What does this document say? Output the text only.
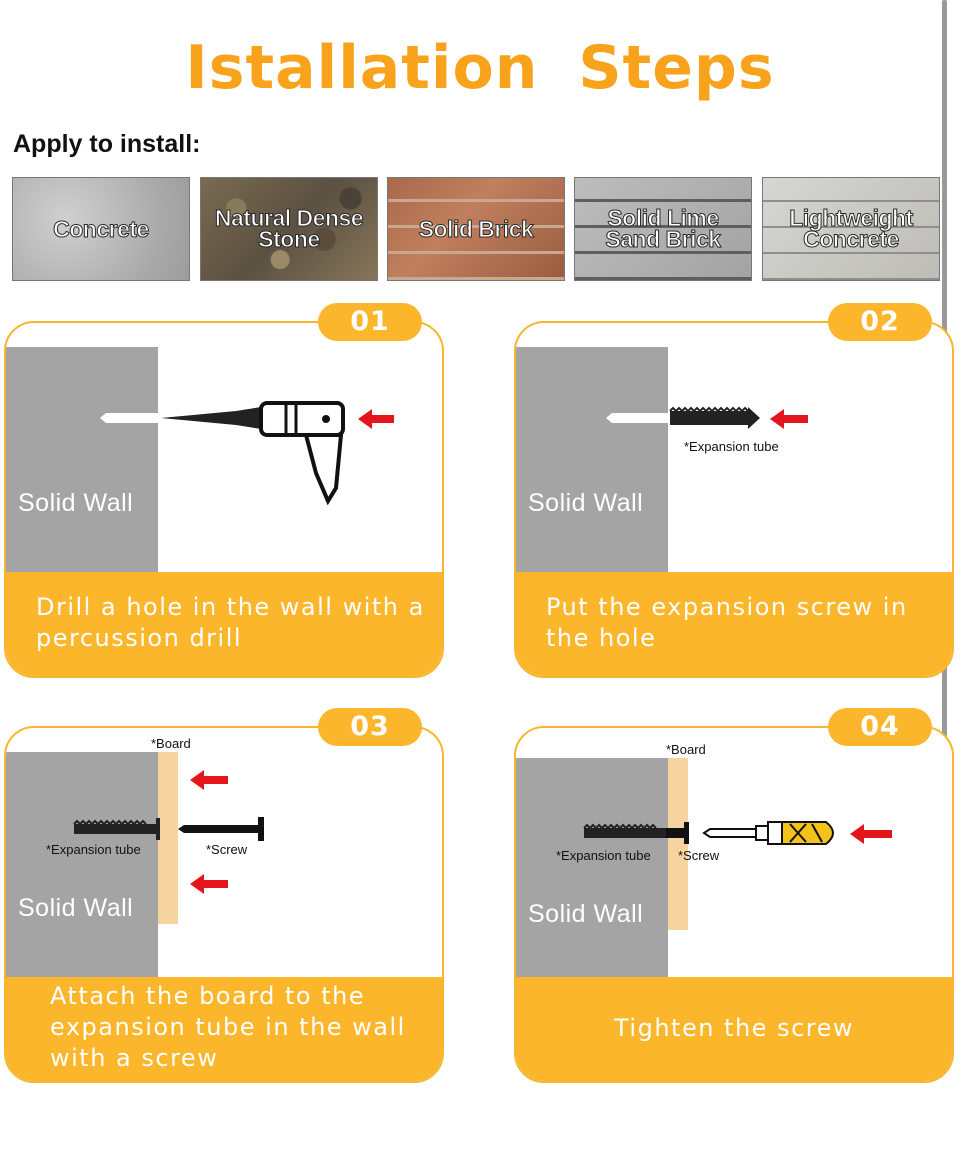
Istallation Steps
Apply to install:
Concrete	Natural Dense
Stone	Solid Brick	Solid Lime
Sand Brick
Lightweight
Concrete
Solid Wall
Drill a hole in the wall with a percussion drill
01
Solid Wall
*Expansion tube
Put the expansion screw in the hole
02
Solid Wall
*Board
*Expansion tube	*Screw
Attach the board to the expansion tube in the wall with a screw
03
Solid Wall
*Board
*Expansion tube *Screw
Tighten the screw
04
